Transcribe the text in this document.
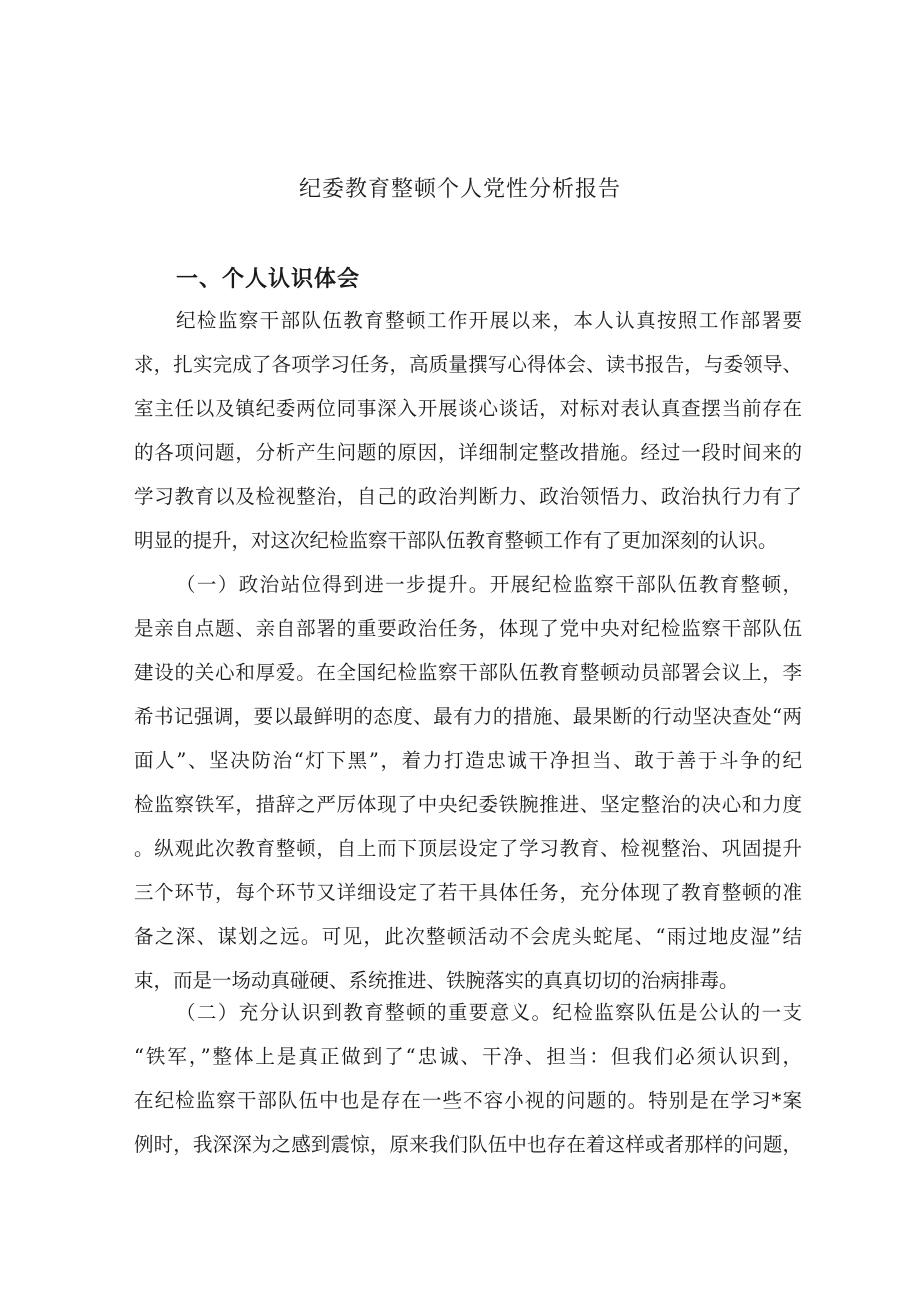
纪委教育整顿个人党性分析报告
一、个人认识体会
纪检监察干部队伍教育整顿工作开展以来，本人认真按照工作部署要
求，扎实完成了各项学习任务，高质量撰写心得体会、读书报告，与委领导、
室主任以及镇纪委两位同事深入开展谈心谈话，对标对表认真查摆当前存在
的各项问题，分析产生问题的原因，详细制定整改措施。经过一段时间来的
学习教育以及检视整治，自己的政治判断力、政治领悟力、政治执行力有了
明显的提升，对这次纪检监察干部队伍教育整顿工作有了更加深刻的认识。
（一）政治站位得到进一步提升。开展纪检监察干部队伍教育整顿，
是亲自点题、亲自部署的重要政治任务，体现了党中央对纪检监察干部队伍
建设的关心和厚爱。在全国纪检监察干部队伍教育整顿动员部署会议上，李
希书记强调，要以最鲜明的态度、最有力的措施、最果断的行动坚决查处“两
面人”、坚决防治“灯下黑”，着力打造忠诚干净担当、敢于善于斗争的纪
检监察铁军，措辞之严厉体现了中央纪委铁腕推进、坚定整治的决心和力度
。纵观此次教育整顿，自上而下顶层设定了学习教育、检视整治、巩固提升
三个环节，每个环节又详细设定了若干具体任务，充分体现了教育整顿的准
备之深、谋划之远。可见，此次整顿活动不会虎头蛇尾、“雨过地皮湿”结
束，而是一场动真碰硬、系统推进、铁腕落实的真真切切的治病排毒。
（二）充分认识到教育整顿的重要意义。纪检监察队伍是公认的一支
“铁军，”整体上是真正做到了“忠诚、干净、担当：但我们必须认识到，
在纪检监察干部队伍中也是存在一些不容小视的问题的。特别是在学习*案
例时，我深深为之感到震惊，原来我们队伍中也存在着这样或者那样的问题，
